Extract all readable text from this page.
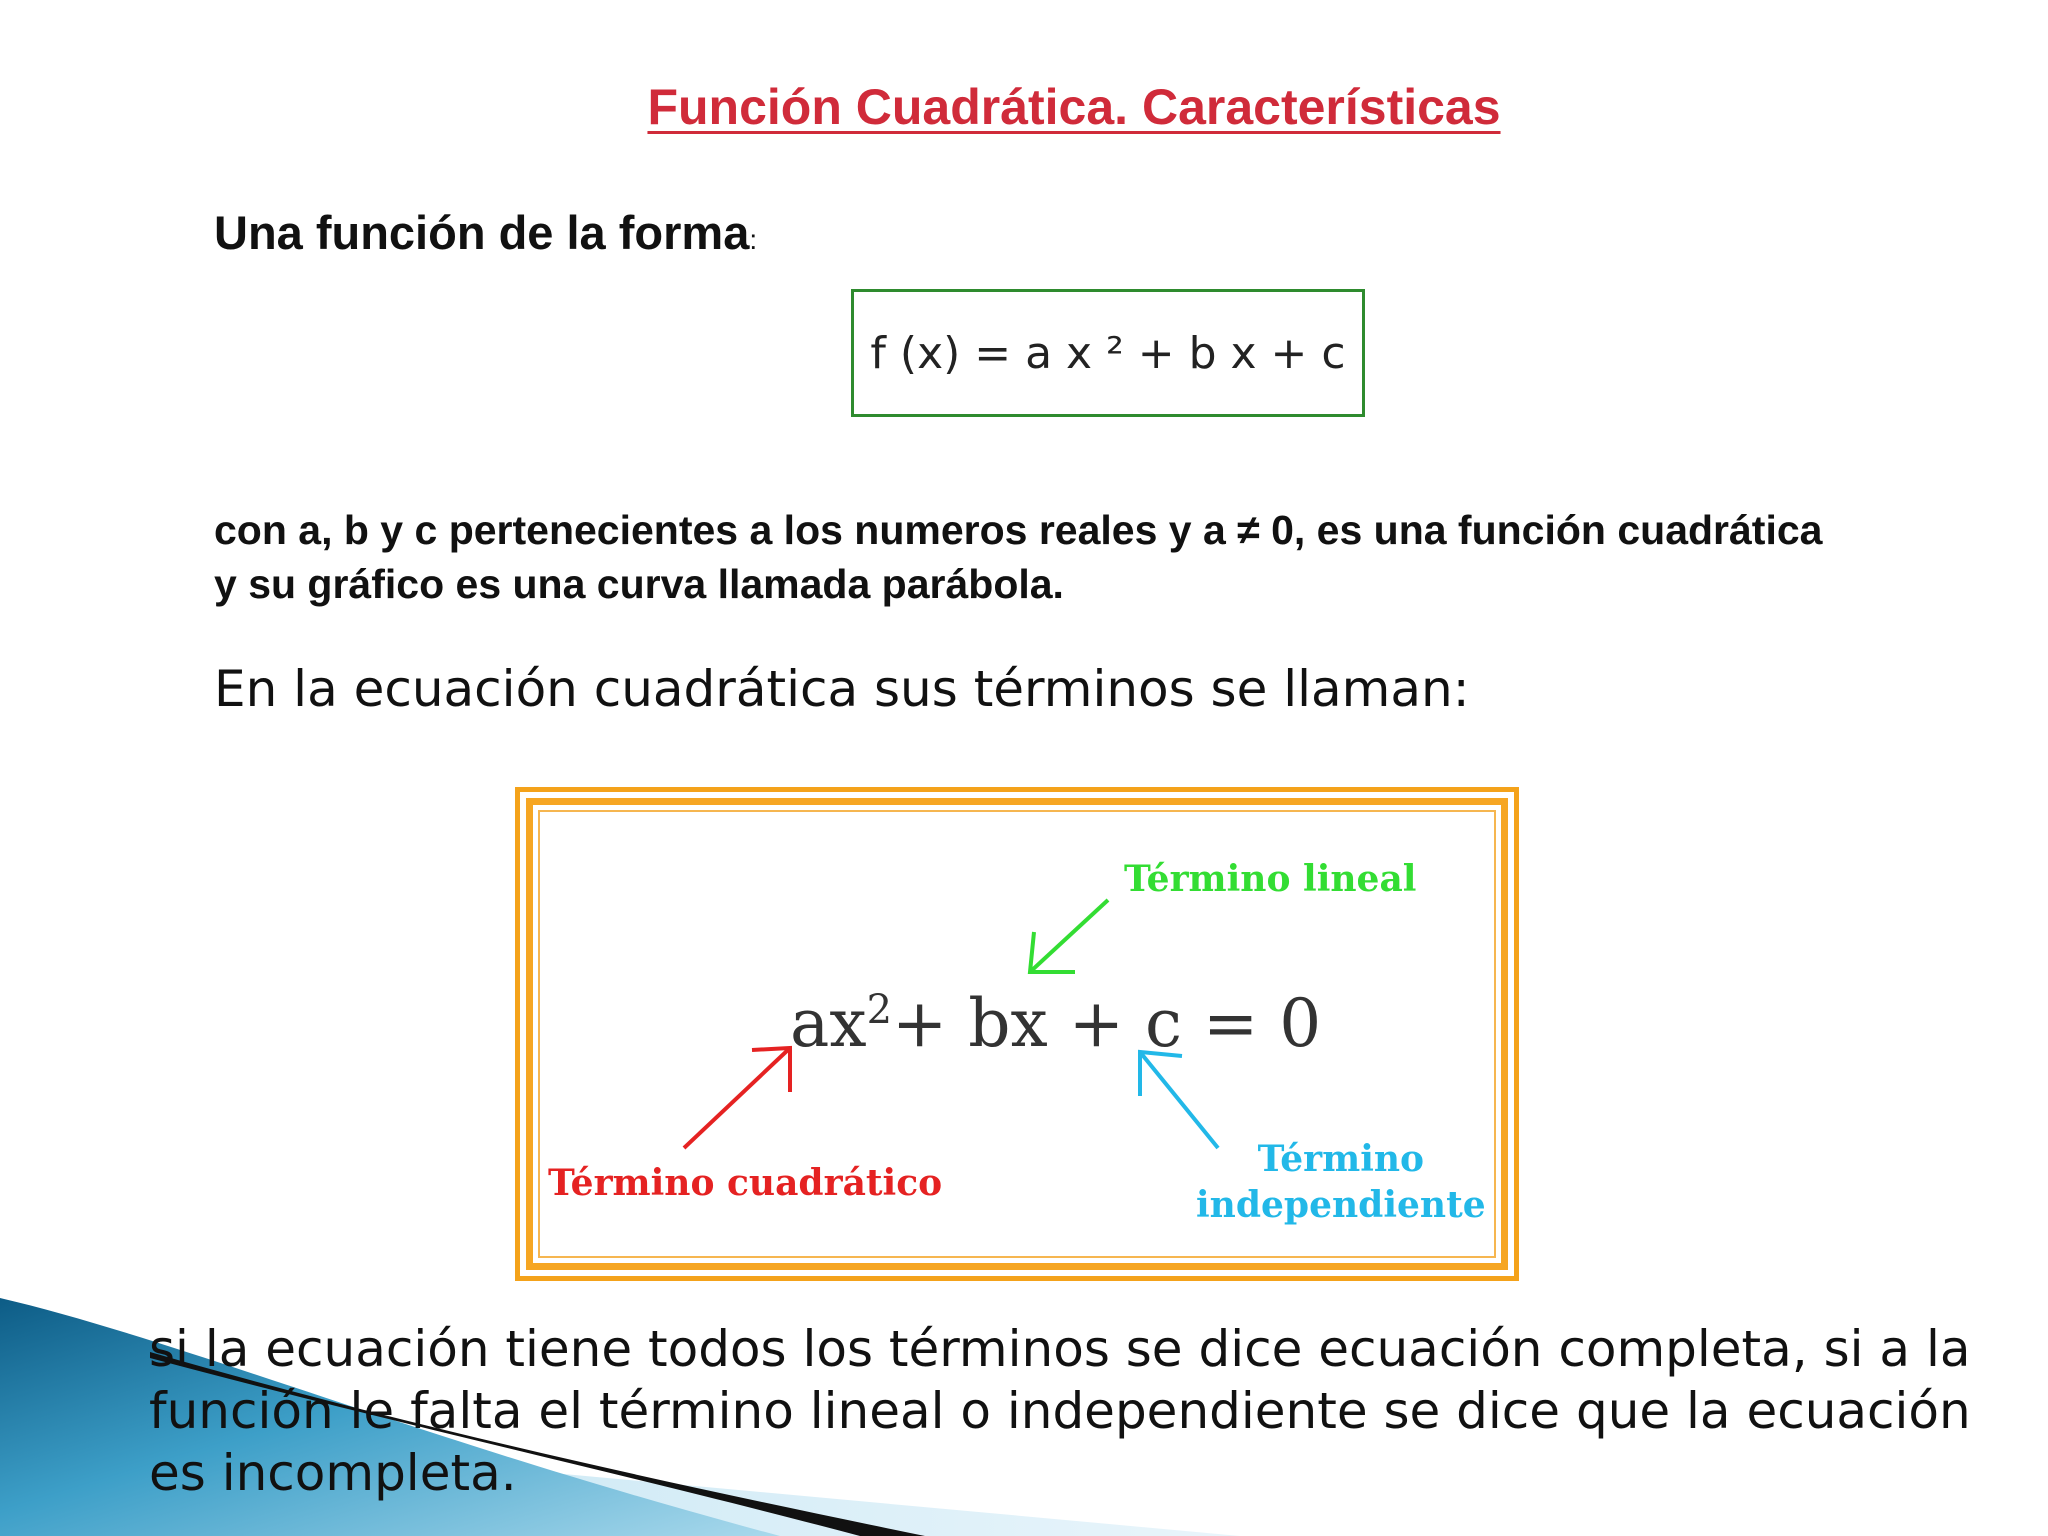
Función Cuadrática. Características
Una función de la forma:
f (x) = a x ² + b x + c
con a, b y c pertenecientes a los numeros reales y a ≠ 0, es una función cuadrática y su gráfico es una curva llamada parábola.
En la ecuación cuadrática sus términos se llaman:
$ax^2+$ bx + c = 0
Término lineal
Término cuadrático
Término
independiente
si la ecuación tiene todos los términos se dice ecuación completa, si a la función le falta el término lineal o independiente se dice que la ecuación es incompleta.
